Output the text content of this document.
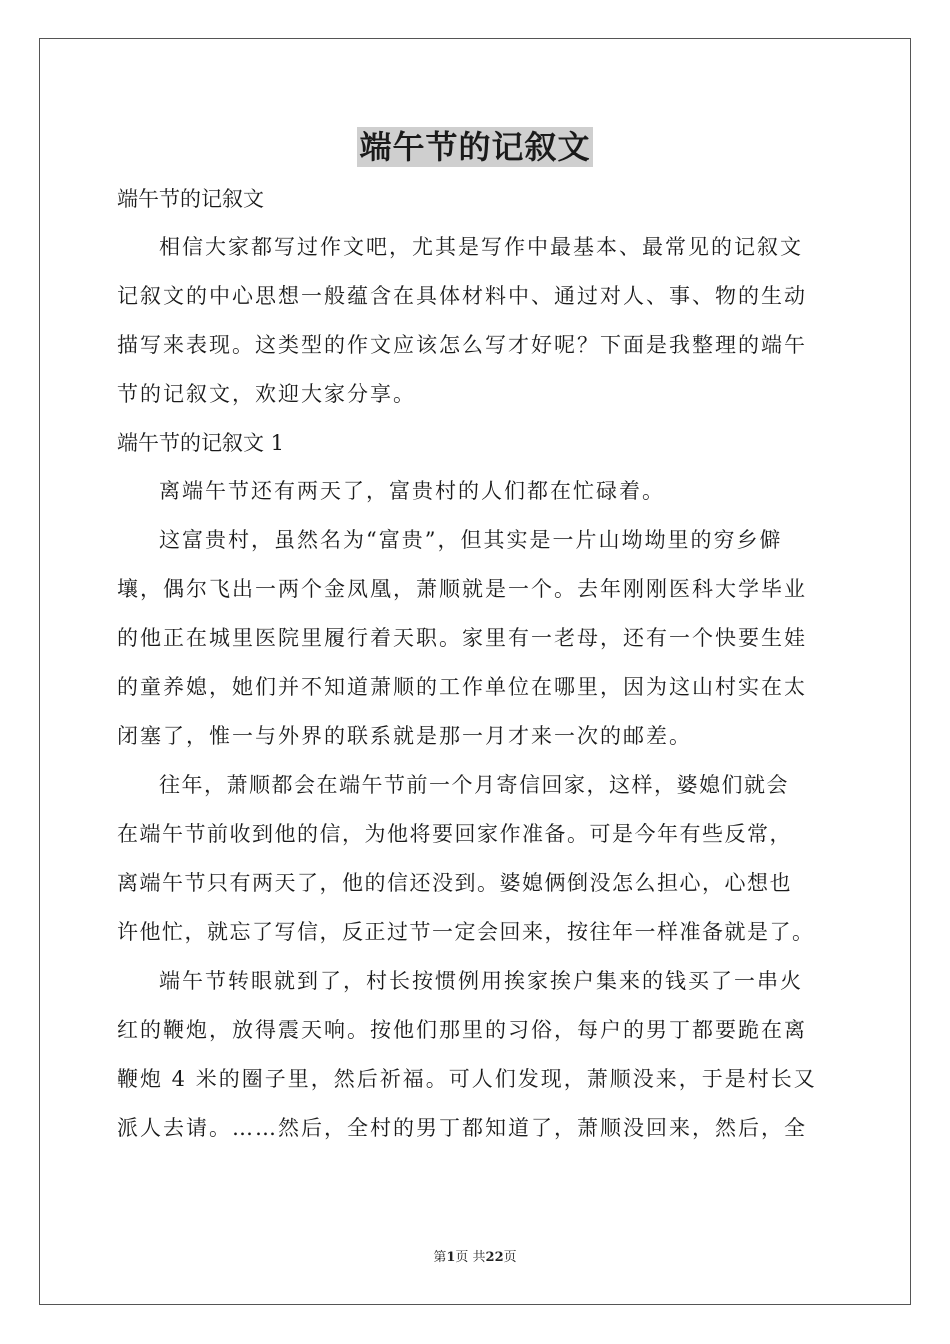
端午节的记叙文
端午节的记叙文

相信大家都写过作文吧，尤其是写作中最基本、最常见的记叙文
记叙文的中心思想一般蕴含在具体材料中、通过对人、事、物的生动
描写来表现。这类型的作文应该怎么写才好呢？下面是我整理的端午
节的记叙文，欢迎大家分享。

端午节的记叙文 1

离端午节还有两天了，富贵村的人们都在忙碌着。

这富贵村，虽然名为“富贵”，但其实是一片山坳坳里的穷乡僻
壤，偶尔飞出一两个金凤凰，萧顺就是一个。去年刚刚医科大学毕业
的他正在城里医院里履行着天职。家里有一老母，还有一个快要生娃
的童养媳，她们并不知道萧顺的工作单位在哪里，因为这山村实在太
闭塞了，惟一与外界的联系就是那一月才来一次的邮差。

往年，萧顺都会在端午节前一个月寄信回家，这样，婆媳们就会
在端午节前收到他的信，为他将要回家作准备。可是今年有些反常，
离端午节只有两天了，他的信还没到。婆媳俩倒没怎么担心，心想也
许他忙，就忘了写信，反正过节一定会回来，按往年一样准备就是了。

端午节转眼就到了，村长按惯例用挨家挨户集来的钱买了一串火
红的鞭炮，放得震天响。按他们那里的习俗，每户的男丁都要跪在离
鞭炮 4 米的圈子里，然后祈福。可人们发现，萧顺没来，于是村长又
派人去请。……然后，全村的男丁都知道了，萧顺没回来，然后，全

第1页 共22页
